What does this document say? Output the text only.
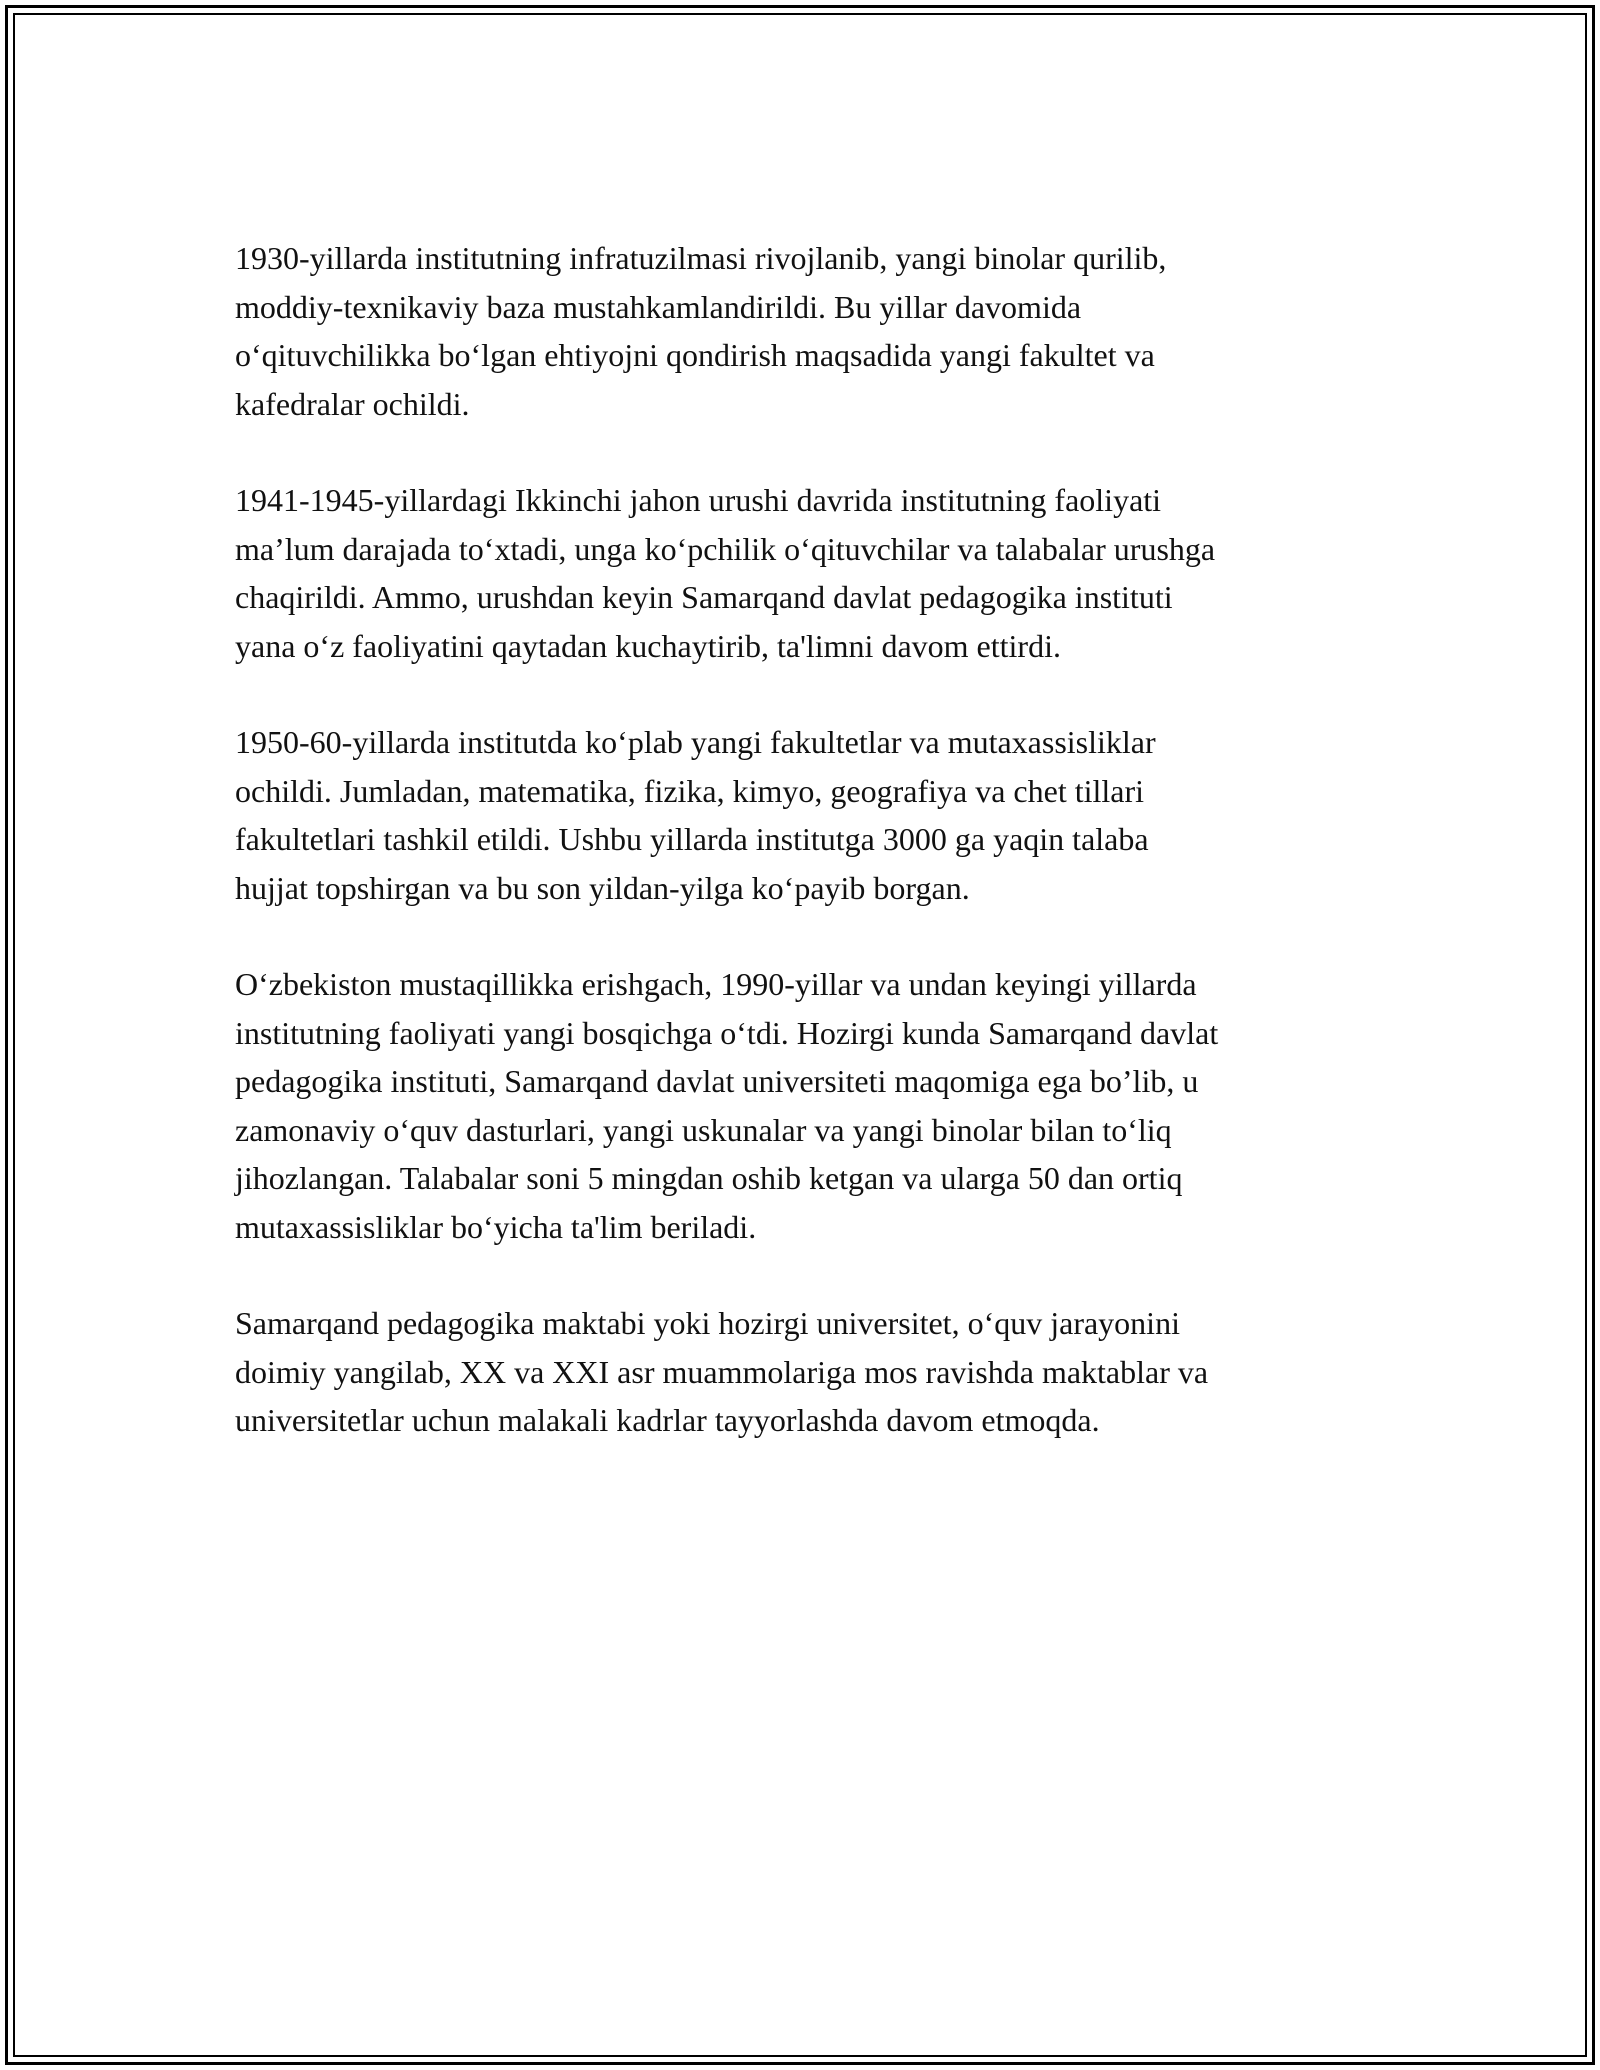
1930-yillarda institutning infratuzilmasi rivojlanib, yangi binolar qurilib,
moddiy-texnikaviy baza mustahkamlandirildi. Bu yillar davomida
o‘qituvchilikka bo‘lgan ehtiyojni qondirish maqsadida yangi fakultet va
kafedralar ochildi.

1941-1945-yillardagi Ikkinchi jahon urushi davrida institutning faoliyati
ma’lum darajada to‘xtadi, unga ko‘pchilik o‘qituvchilar va talabalar urushga
chaqirildi. Ammo, urushdan keyin Samarqand davlat pedagogika instituti
yana o‘z faoliyatini qaytadan kuchaytirib, ta'limni davom ettirdi.

1950-60-yillarda institutda ko‘plab yangi fakultetlar va mutaxassisliklar
ochildi. Jumladan, matematika, fizika, kimyo, geografiya va chet tillari
fakultetlari tashkil etildi. Ushbu yillarda institutga 3000 ga yaqin talaba
hujjat topshirgan va bu son yildan-yilga ko‘payib borgan.

O‘zbekiston mustaqillikka erishgach, 1990-yillar va undan keyingi yillarda
institutning faoliyati yangi bosqichga o‘tdi. Hozirgi kunda Samarqand davlat
pedagogika instituti, Samarqand davlat universiteti maqomiga ega bo’lib, u
zamonaviy o‘quv dasturlari, yangi uskunalar va yangi binolar bilan to‘liq
jihozlangan. Talabalar soni 5 mingdan oshib ketgan va ularga 50 dan ortiq
mutaxassisliklar bo‘yicha ta'lim beriladi.

Samarqand pedagogika maktabi yoki hozirgi universitet, o‘quv jarayonini
doimiy yangilab, XX va XXI asr muammolariga mos ravishda maktablar va
universitetlar uchun malakali kadrlar tayyorlashda davom etmoqda.
